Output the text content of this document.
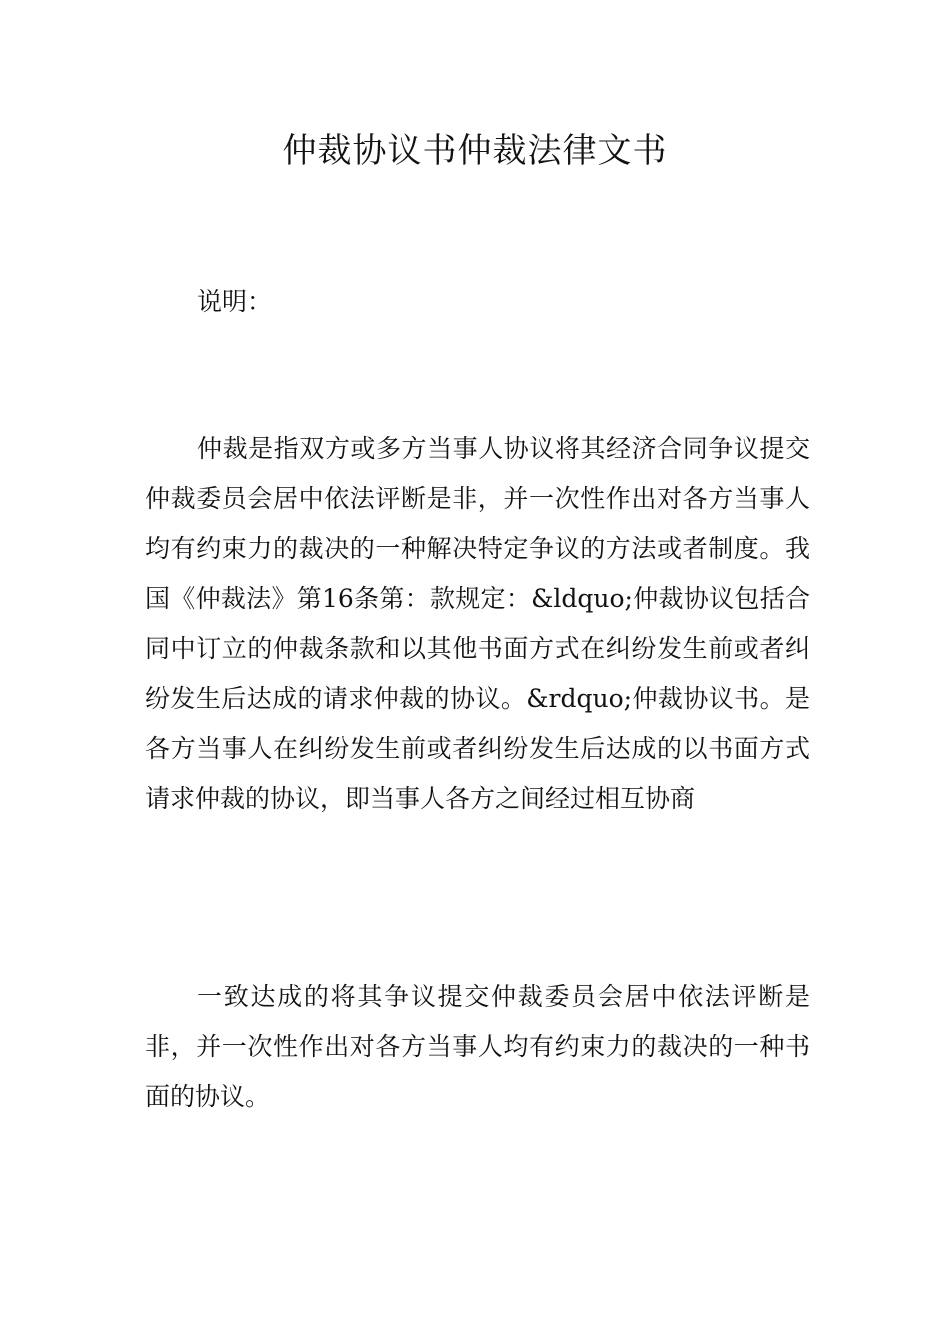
仲裁协议书仲裁法律文书

说明：

仲裁是指双方或多方当事人协议将其经济合同争议提交仲裁委员会居中依法评断是非，并一次性作出对各方当事人均有约束力的裁决的一种解决特定争议的方法或者制度。我国《仲裁法》第16条第：款规定：&ldquo;仲裁协议包括合同中订立的仲裁条款和以其他书面方式在纠纷发生前或者纠纷发生后达成的请求仲裁的协议。&rdquo;仲裁协议书。是各方当事人在纠纷发生前或者纠纷发生后达成的以书面方式请求仲裁的协议，即当事人各方之间经过相互协商

一致达成的将其争议提交仲裁委员会居中依法评断是非，并一次性作出对各方当事人均有约束力的裁决的一种书面的协议。
